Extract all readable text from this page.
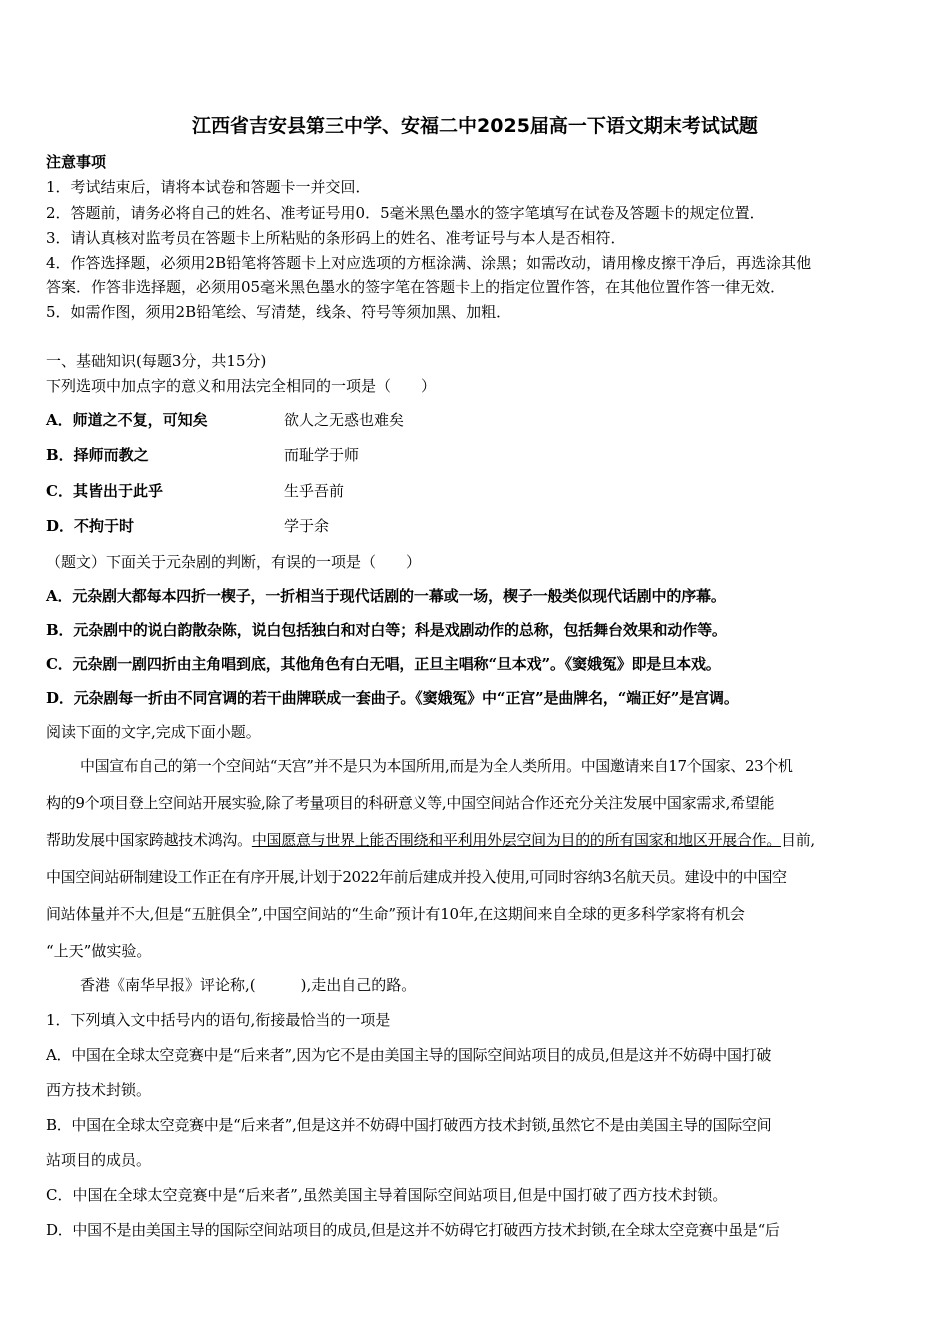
江西省吉安县第三中学、安福二中2025届高一下语文期末考试试题
注意事项
1．考试结束后，请将本试卷和答题卡一并交回．
2．答题前，请务必将自己的姓名、准考证号用0．5毫米黑色墨水的签字笔填写在试卷及答题卡的规定位置．
3．请认真核对监考员在答题卡上所粘贴的条形码上的姓名、准考证号与本人是否相符．
4．作答选择题，必须用2B铅笔将答题卡上对应选项的方框涂满、涂黑；如需改动，请用橡皮擦干净后，再选涂其他
答案．作答非选择题，必须用05毫米黑色墨水的签字笔在答题卡上的指定位置作答，在其他位置作答一律无效．
5．如需作图，须用2B铅笔绘、写清楚，线条、符号等须加黑、加粗．
一、基础知识(每题3分，共15分)
下列选项中加点字的意义和用法完全相同的一项是（　　）
A．师道之不复，可知矣	欲人之无惑也难矣
B．择师而教之	而耻学于师
C．其皆出于此乎	生乎吾前
D．不拘于时	学于余
（题文）下面关于元杂剧的判断，有误的一项是（　　）
A．元杂剧大都每本四折一楔子，一折相当于现代话剧的一幕或一场，楔子一般类似现代话剧中的序幕。
B．元杂剧中的说白韵散杂陈，说白包括独白和对白等；科是戏剧动作的总称，包括舞台效果和动作等。
C．元杂剧一剧四折由主角唱到底，其他角色有白无唱，正旦主唱称“旦本戏”。《窦娥冤》即是旦本戏。
D．元杂剧每一折由不同宫调的若干曲牌联成一套曲子。《窦娥冤》中“正宫”是曲牌名，“端正好”是宫调。
阅读下面的文字,完成下面小题。
中国宣布自己的第一个空间站“天宫”并不是只为本国所用,而是为全人类所用。中国邀请来自17个国家、23个机
构的9个项目登上空间站开展实验,除了考量项目的科研意义等,中国空间站合作还充分关注发展中国家需求,希望能
帮助发展中国家跨越技术鸿沟。中国愿意与世界上能否围绕和平利用外层空间为目的的所有国家和地区开展合作。目前,
中国空间站研制建设工作正在有序开展,计划于2022年前后建成并投入使用,可同时容纳3名航天员。建设中的中国空
间站体量并不大,但是“五脏俱全”,中国空间站的“生命”预计有10年,在这期间来自全球的更多科学家将有机会
“上天”做实验。
香港《南华早报》评论称,(　　　),走出自己的路。
1．下列填入文中括号内的语句,衔接最恰当的一项是
A．中国在全球太空竞赛中是“后来者”,因为它不是由美国主导的国际空间站项目的成员,但是这并不妨碍中国打破
西方技术封锁。
B．中国在全球太空竞赛中是“后来者”,但是这并不妨碍中国打破西方技术封锁,虽然它不是由美国主导的国际空间
站项目的成员。
C．中国在全球太空竞赛中是“后来者”,虽然美国主导着国际空间站项目,但是中国打破了西方技术封锁。
D．中国不是由美国主导的国际空间站项目的成员,但是这并不妨碍它打破西方技术封锁,在全球太空竞赛中虽是“后
